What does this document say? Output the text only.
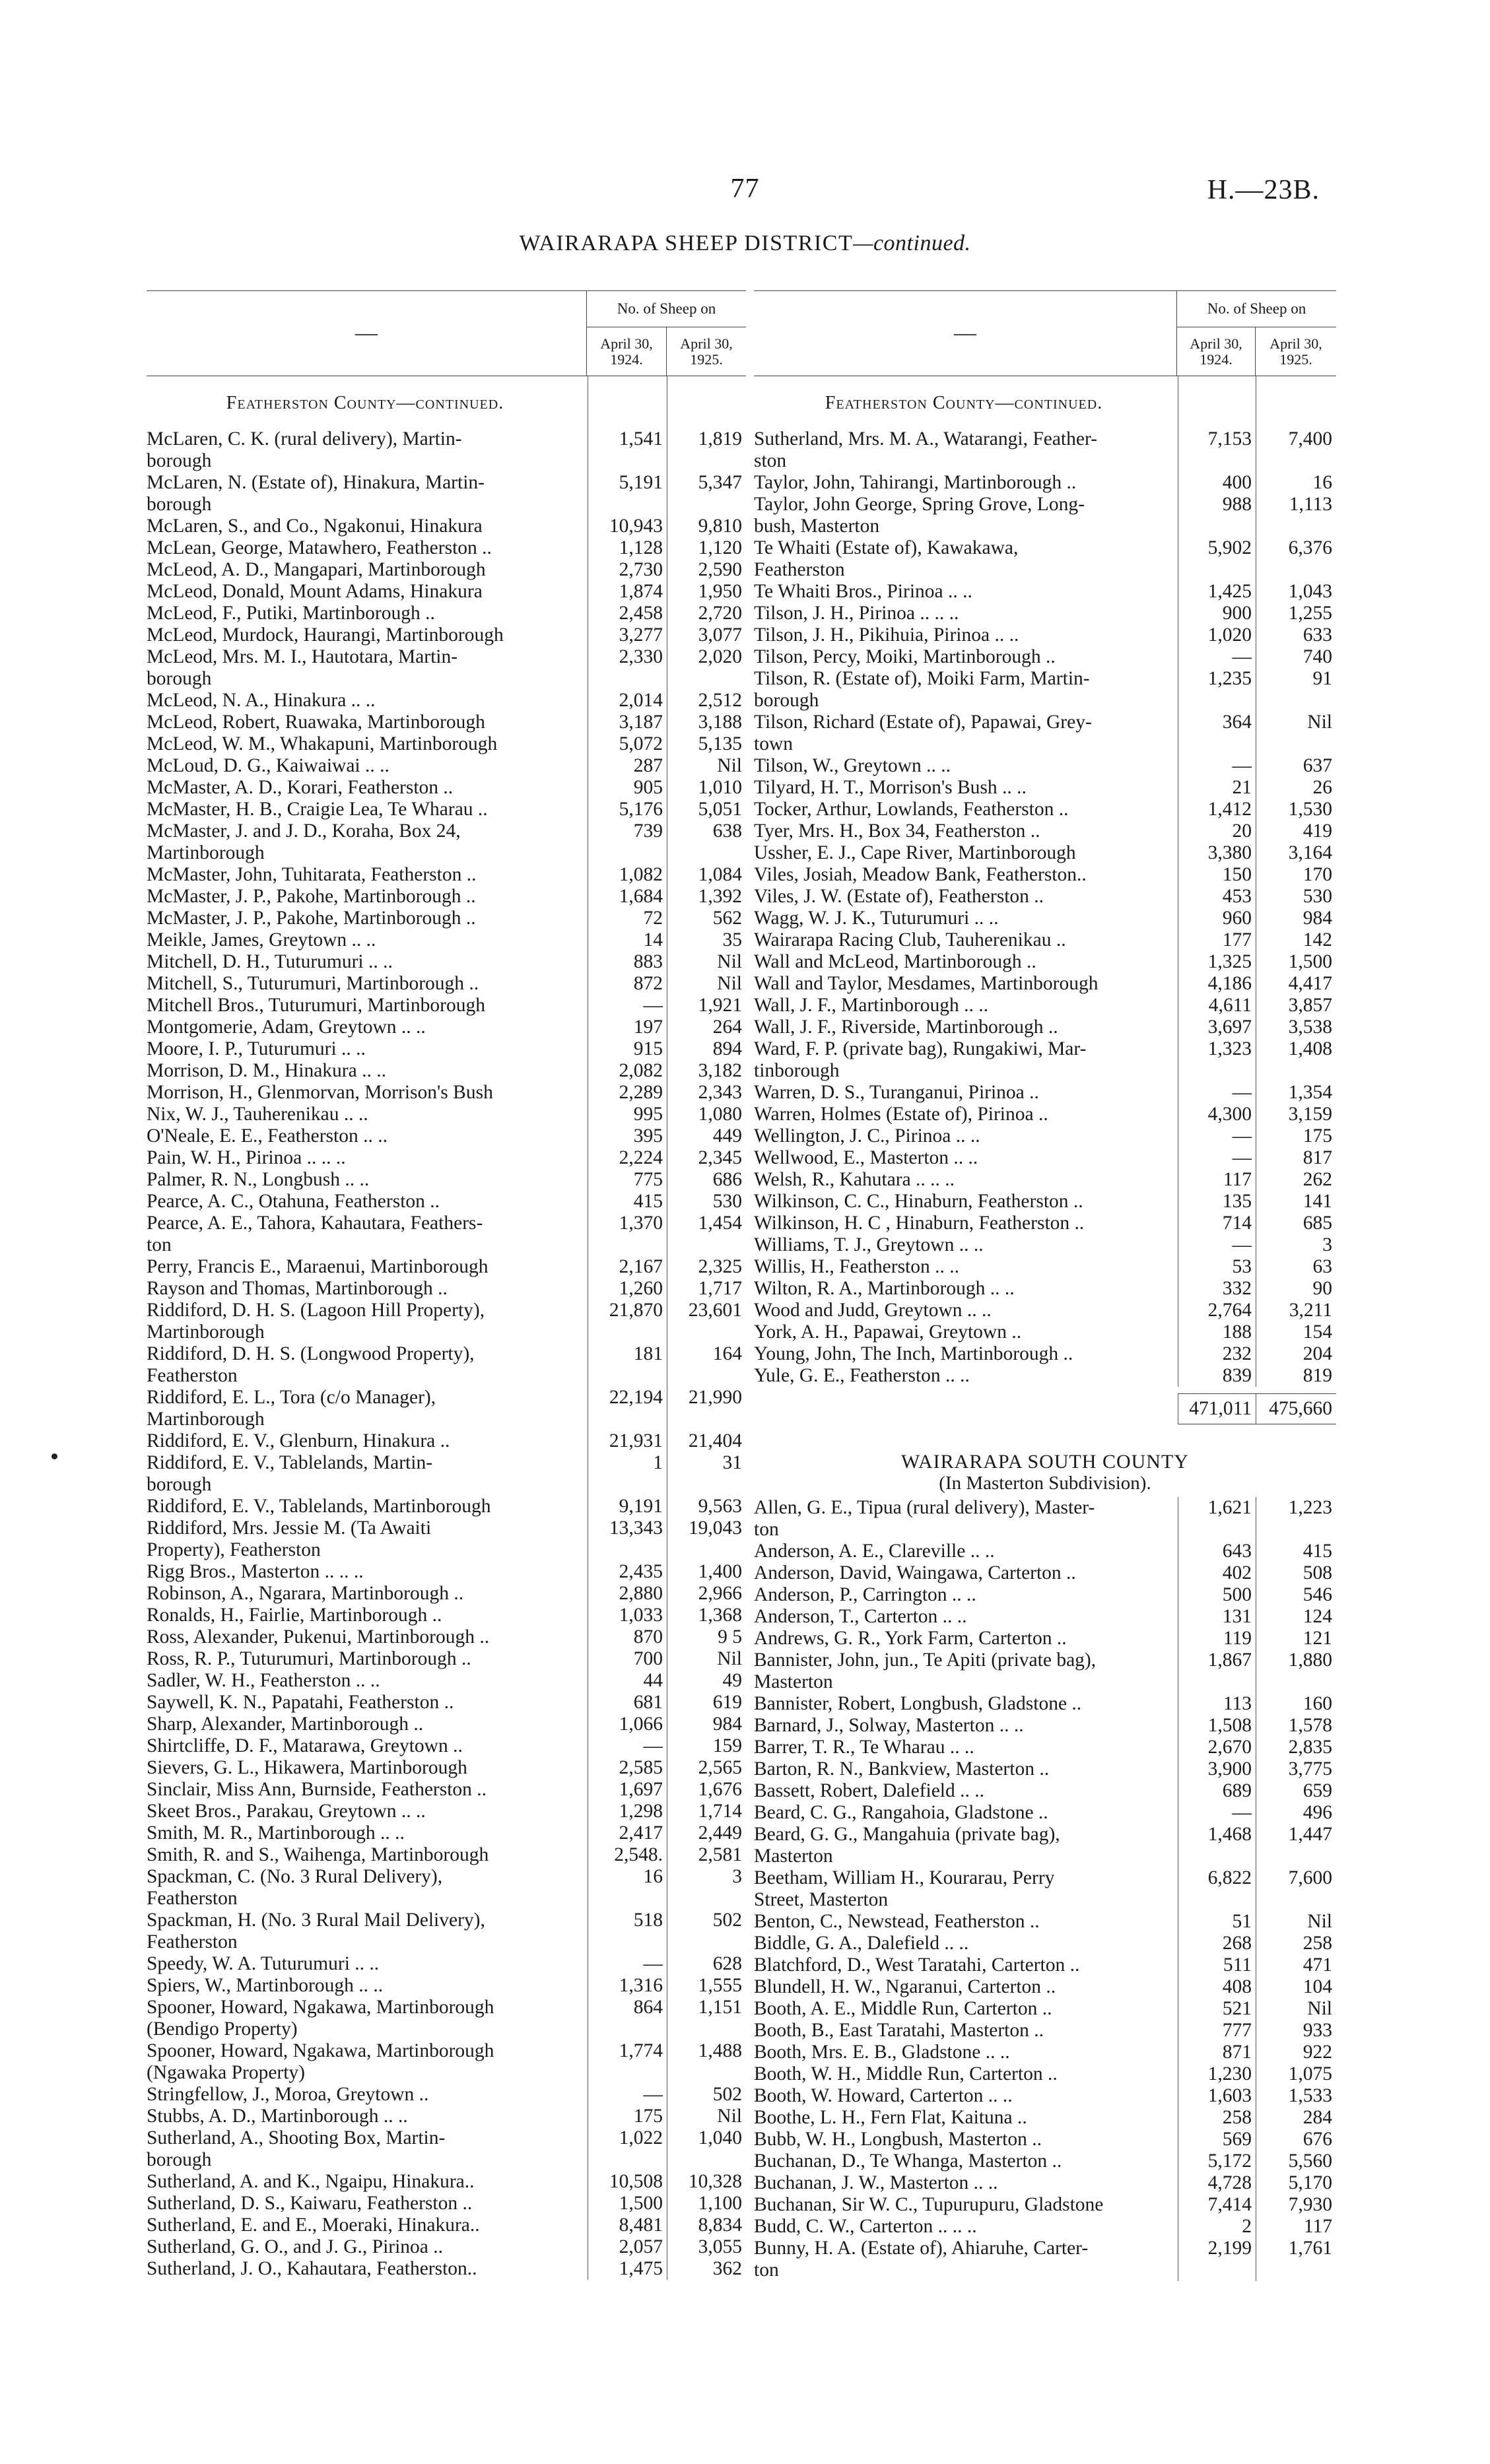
77	H.—23B.
WAIRARAPA SHEEP DISTRICT—continued.
—
No. of Sheep on
April 30,
1924.
April 30,
1925.
Featherston County—continued.
McLaren, C. K. (rural delivery), Martin-
borough
1,541	1,819
McLaren, N. (Estate of), Hinakura, Martin-
borough
5,191	5,347
McLaren, S., and Co., Ngakonui, Hinakura	10,943	9,810
McLean, George, Matawhero, Featherston ..	1,128	1,120
McLeod, A. D., Mangapari, Martinborough	2,730	2,590
McLeod, Donald, Mount Adams, Hinakura	1,874	1,950
McLeod, F., Putiki, Martinborough ..	2,458	2,720
McLeod, Murdock, Haurangi, Martinborough	3,277	3,077
McLeod, Mrs. M. I., Hautotara, Martin-
borough
2,330	2,020
McLeod, N. A., Hinakura .. ..	2,014	2,512
McLeod, Robert, Ruawaka, Martinborough	3,187	3,188
McLeod, W. M., Whakapuni, Martinborough	5,072	5,135
McLoud, D. G., Kaiwaiwai .. ..	287	Nil
McMaster, A. D., Korari, Featherston ..	905	1,010
McMaster, H. B., Craigie Lea, Te Wharau ..	5,176	5,051
McMaster, J. and J. D., Koraha, Box 24,
Martinborough
739	638
McMaster, John, Tuhitarata, Featherston ..	1,082	1,084
McMaster, J. P., Pakohe, Martinborough ..	1,684	1,392
McMaster, J. P., Pakohe, Martinborough ..	72	562
Meikle, James, Greytown .. ..	14	35
Mitchell, D. H., Tuturumuri .. ..	883	Nil
Mitchell, S., Tuturumuri, Martinborough ..	872	Nil
Mitchell Bros., Tuturumuri, Martinborough	—	1,921
Montgomerie, Adam, Greytown .. ..	197	264
Moore, I. P., Tuturumuri .. ..	915	894
Morrison, D. M., Hinakura .. ..	2,082	3,182
Morrison, H., Glenmorvan, Morrison's Bush	2,289	2,343
Nix, W. J., Tauherenikau .. ..	995	1,080
O'Neale, E. E., Featherston .. ..	395	449
Pain, W. H., Pirinoa .. .. ..	2,224	2,345
Palmer, R. N., Longbush .. ..	775	686
Pearce, A. C., Otahuna, Featherston ..	415	530
Pearce, A. E., Tahora, Kahautara, Feathers-
ton
1,370	1,454
Perry, Francis E., Maraenui, Martinborough	2,167	2,325
Rayson and Thomas, Martinborough ..	1,260	1,717
Riddiford, D. H. S. (Lagoon Hill Property),
Martinborough
21,870	23,601
Riddiford, D. H. S. (Longwood Property),
Featherston
181	164
Riddiford, E. L., Tora (c/o Manager),
Martinborough
22,194	21,990
Riddiford, E. V., Glenburn, Hinakura ..	21,931	21,404
Riddiford, E. V., Tablelands, Martin-
borough
1	31
Riddiford, E. V., Tablelands, Martinborough	9,191	9,563
Riddiford, Mrs. Jessie M. (Ta Awaiti
Property), Featherston
13,343	19,043
Rigg Bros., Masterton .. .. ..	2,435	1,400
Robinson, A., Ngarara, Martinborough ..	2,880	2,966
Ronalds, H., Fairlie, Martinborough ..	1,033	1,368
Ross, Alexander, Pukenui, Martinborough ..	870	9 5
Ross, R. P., Tuturumuri, Martinborough ..	700	Nil
Sadler, W. H., Featherston .. ..	44	49
Saywell, K. N., Papatahi, Featherston ..	681	619
Sharp, Alexander, Martinborough ..	1,066	984
Shirtcliffe, D. F., Matarawa, Greytown ..	—	159
Sievers, G. L., Hikawera, Martinborough	2,585	2,565
Sinclair, Miss Ann, Burnside, Featherston ..	1,697	1,676
Skeet Bros., Parakau, Greytown .. ..	1,298	1,714
Smith, M. R., Martinborough .. ..	2,417	2,449
Smith, R. and S., Waihenga, Martinborough	2,548.	2,581
Spackman, C. (No. 3 Rural Delivery),
Featherston
16	3
Spackman, H. (No. 3 Rural Mail Delivery),
Featherston
518	502
Speedy, W. A. Tuturumuri .. ..	—	628
Spiers, W., Martinborough .. ..	1,316	1,555
Spooner, Howard, Ngakawa, Martinborough
(Bendigo Property)
864	1,151
Spooner, Howard, Ngakawa, Martinborough
(Ngawaka Property)
1,774	1,488
Stringfellow, J., Moroa, Greytown ..	—	502
Stubbs, A. D., Martinborough .. ..	175	Nil
Sutherland, A., Shooting Box, Martin-
borough
1,022	1,040
Sutherland, A. and K., Ngaipu, Hinakura..	10,508	10,328
Sutherland, D. S., Kaiwaru, Featherston ..	1,500	1,100
Sutherland, E. and E., Moeraki, Hinakura..	8,481	8,834
Sutherland, G. O., and J. G., Pirinoa ..	2,057	3,055
Sutherland, J. O., Kahautara, Featherston..	1,475	362
—
No. of Sheep on
April 30,
1924.
April 30,
1925.
Featherston County—continued.
Sutherland, Mrs. M. A., Watarangi, Feather-
ston
7,153	7,400
Taylor, John, Tahirangi, Martinborough ..	400	16
Taylor, John George, Spring Grove, Long-
bush, Masterton
988	1,113
Te Whaiti (Estate of), Kawakawa,
Featherston
5,902	6,376
Te Whaiti Bros., Pirinoa .. ..	1,425	1,043
Tilson, J. H., Pirinoa .. .. ..	900	1,255
Tilson, J. H., Pikihuia, Pirinoa .. ..	1,020	633
Tilson, Percy, Moiki, Martinborough ..	—	740
Tilson, R. (Estate of), Moiki Farm, Martin-
borough
1,235	91
Tilson, Richard (Estate of), Papawai, Grey-
town
364	Nil
Tilson, W., Greytown .. ..	—	637
Tilyard, H. T., Morrison's Bush .. ..	21	26
Tocker, Arthur, Lowlands, Featherston ..	1,412	1,530
Tyer, Mrs. H., Box 34, Featherston ..	20	419
Ussher, E. J., Cape River, Martinborough	3,380	3,164
Viles, Josiah, Meadow Bank, Featherston..	150	170
Viles, J. W. (Estate of), Featherston ..	453	530
Wagg, W. J. K., Tuturumuri .. ..	960	984
Wairarapa Racing Club, Tauherenikau ..	177	142
Wall and McLeod, Martinborough ..	1,325	1,500
Wall and Taylor, Mesdames, Martinborough	4,186	4,417
Wall, J. F., Martinborough .. ..	4,611	3,857
Wall, J. F., Riverside, Martinborough ..	3,697	3,538
Ward, F. P. (private bag), Rungakiwi, Mar-
tinborough
1,323	1,408
Warren, D. S., Turanganui, Pirinoa ..	—	1,354
Warren, Holmes (Estate of), Pirinoa ..	4,300	3,159
Wellington, J. C., Pirinoa .. ..	—	175
Wellwood, E., Masterton .. ..	—	817
Welsh, R., Kahutara .. .. ..	117	262
Wilkinson, C. C., Hinaburn, Featherston ..	135	141
Wilkinson, H. C , Hinaburn, Featherston ..	714	685
Williams, T. J., Greytown .. ..	—	3
Willis, H., Featherston .. ..	53	63
Wilton, R. A., Martinborough .. ..	332	90
Wood and Judd, Greytown .. ..	2,764	3,211
York, A. H., Papawai, Greytown ..	188	154
Young, John, The Inch, Martinborough ..	232	204
Yule, G. E., Featherston .. ..	839	819
471,011 475,660
WAIRARAPA SOUTH COUNTY
(In Masterton Subdivision).
Allen, G. E., Tipua (rural delivery), Master-
ton
1,621	1,223
Anderson, A. E., Clareville .. ..	643	415
Anderson, David, Waingawa, Carterton ..	402	508
Anderson, P., Carrington .. ..	500	546
Anderson, T., Carterton .. ..	131	124
Andrews, G. R., York Farm, Carterton ..	119	121
Bannister, John, jun., Te Apiti (private bag),
Masterton
1,867	1,880
Bannister, Robert, Longbush, Gladstone ..	113	160
Barnard, J., Solway, Masterton .. ..	1,508	1,578
Barrer, T. R., Te Wharau .. ..	2,670	2,835
Barton, R. N., Bankview, Masterton ..	3,900	3,775
Bassett, Robert, Dalefield .. ..	689	659
Beard, C. G., Rangahoia, Gladstone ..	—	496
Beard, G. G., Mangahuia (private bag),
Masterton
1,468	1,447
Beetham, William H., Kourarau, Perry
Street, Masterton
6,822	7,600
Benton, C., Newstead, Featherston ..	51	Nil
Biddle, G. A., Dalefield .. ..	268	258
Blatchford, D., West Taratahi, Carterton ..	511	471
Blundell, H. W., Ngaranui, Carterton ..	408	104
Booth, A. E., Middle Run, Carterton ..	521	Nil
Booth, B., East Taratahi, Masterton ..	777	933
Booth, Mrs. E. B., Gladstone .. ..	871	922
Booth, W. H., Middle Run, Carterton ..	1,230	1,075
Booth, W. Howard, Carterton .. ..	1,603	1,533
Boothe, L. H., Fern Flat, Kaituna ..	258	284
Bubb, W. H., Longbush, Masterton ..	569	676
Buchanan, D., Te Whanga, Masterton ..	5,172	5,560
Buchanan, J. W., Masterton .. ..	4,728	5,170
Buchanan, Sir W. C., Tupurupuru, Gladstone	7,414	7,930
Budd, C. W., Carterton .. .. ..	2	117
Bunny, H. A. (Estate of), Ahiaruhe, Carter-
ton
2,199	1,761
